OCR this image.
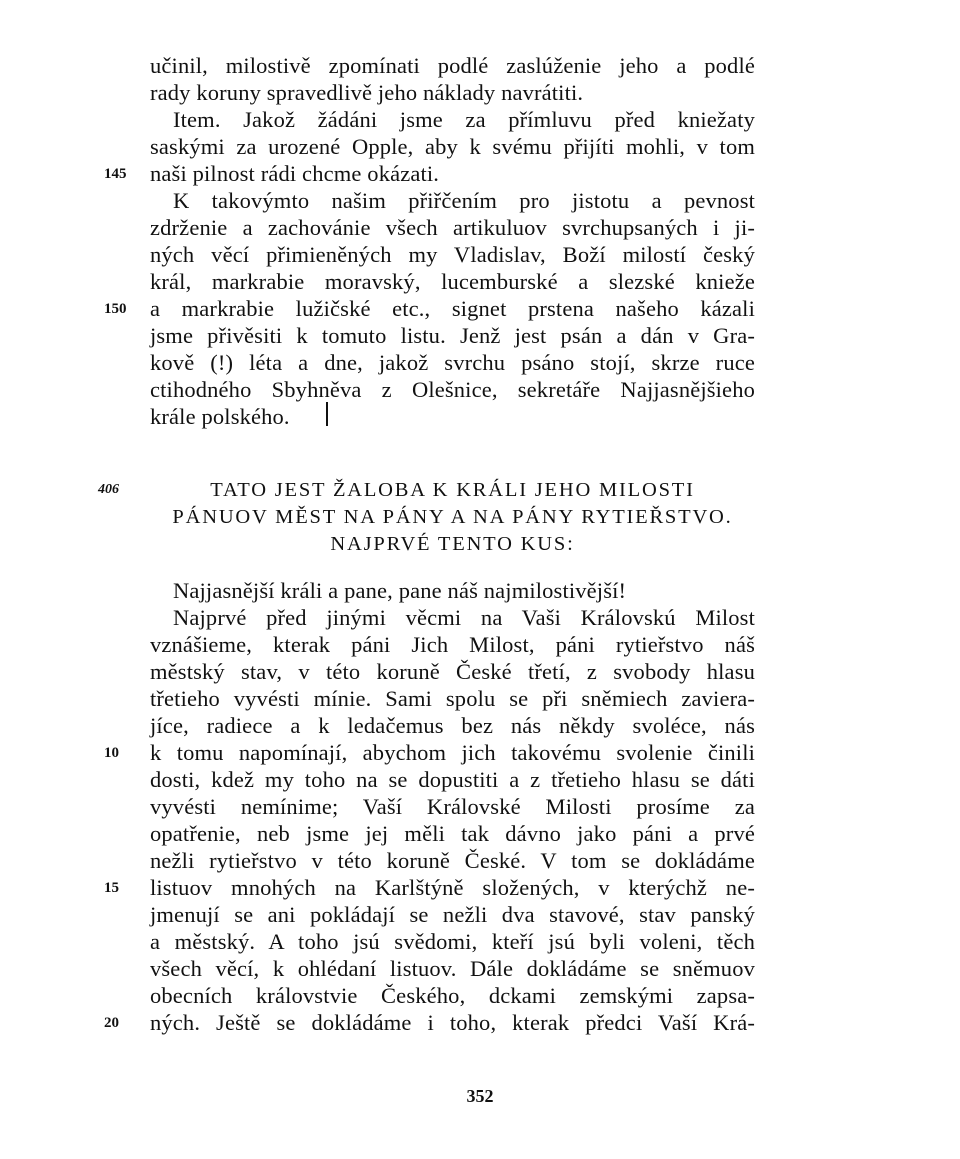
učinil, milostivě zpomínati podlé zaslúženie jeho a podlé
rady koruny spravedlivě jeho náklady navrátiti.
Item. Jakož žádáni jsme za přímluvu před kniežaty
saskými za urozené Opple, aby k svému přijíti mohli, v tom
naši pilnost rádi chcme okázati.
K takovýmto našim přiřčením pro jistotu a pevnost
zdrženie a zachovánie všech artikuluov svrchupsaných i ji-
ných věcí přimieněných my Vladislav, Boží milostí český
král, markrabie moravský, lucemburské a slezské knieže
a markrabie lužičské etc., signet prstena našeho kázali
jsme přivěsiti k tomuto listu. Jenž jest psán a dán v Gra-
kově (!) léta a dne, jakož svrchu psáno stojí, skrze ruce
ctihodného Sbyhněva z Olešnice, sekretáře Najjasnějšieho
krále polského.
145
150
406	TATO JEST ŽALOBA K KRÁLI JEHO MILOSTI
PÁNUOV MĚST NA PÁNY A NA PÁNY RYTIEŘSTVO.
NAJPRVÉ TENTO KUS:
Najjasnější králi a pane, pane náš najmilostivější!
Najprvé před jinými věcmi na Vaši Královskú Milost
vznášieme, kterak páni Jich Milost, páni rytieřstvo náš
městský stav, v této koruně České třetí, z svobody hlasu
třetieho vyvésti mínie. Sami spolu se při sněmiech zaviera-
jíce, radiece a k ledačemus bez nás někdy svoléce, nás
k tomu napomínají, abychom jich takovému svolenie činili
dosti, kdež my toho na se dopustiti a z třetieho hlasu se dáti
vyvésti nemínime; Vaší Královské Milosti prosíme za
opatřenie, neb jsme jej měli tak dávno jako páni a prvé
nežli rytieřstvo v této koruně České. V tom se dokládáme
listuov mnohých na Karlštýně složených, v kterýchž ne-
jmenují se ani pokládají se nežli dva stavové, stav panský
a městský. A toho jsú svědomi, kteří jsú byli voleni, těch
všech věcí, k ohlédaní listuov. Dále dokládáme se sněmuov
obecních královstvie Českého, dckami zemskými zapsa-
ných. Ještě se dokládáme i toho, kterak předci Vaší Krá-
10
15
20
352
